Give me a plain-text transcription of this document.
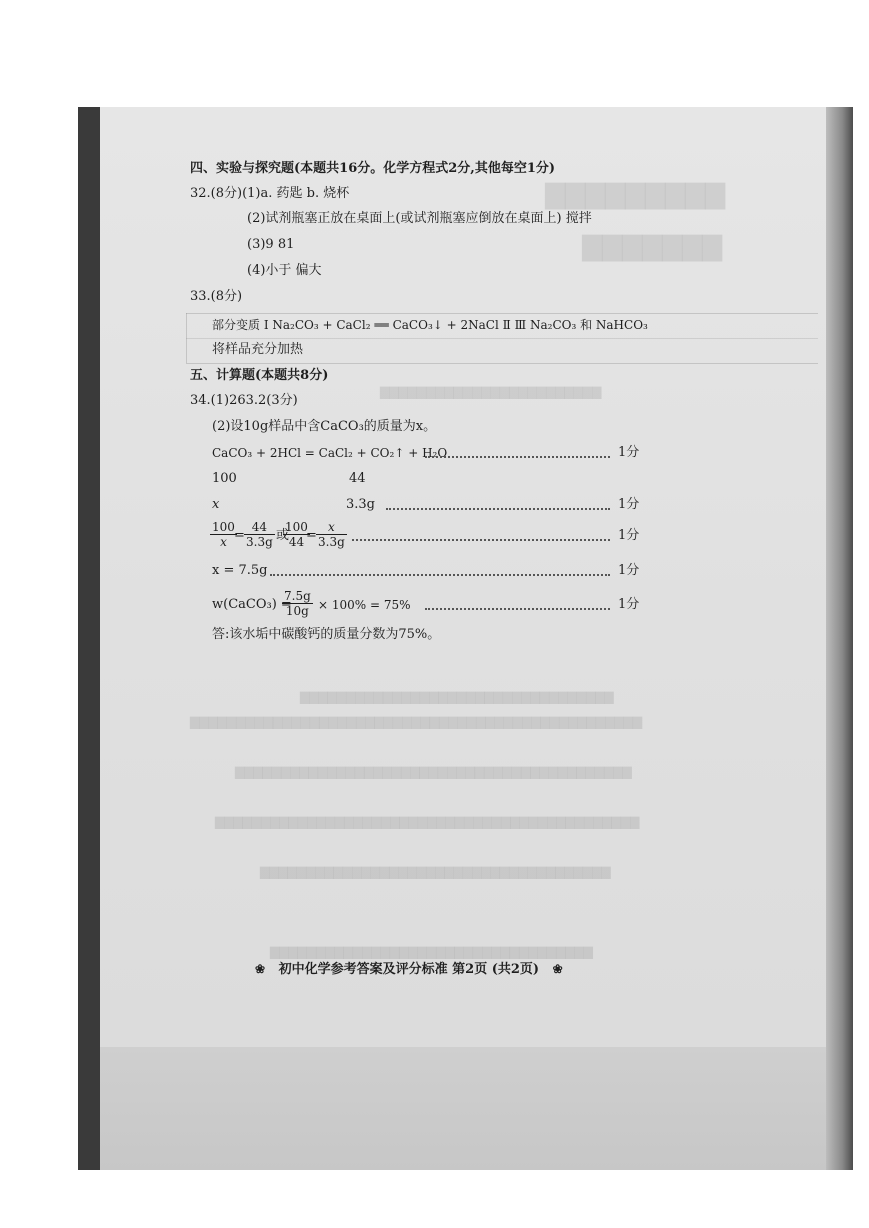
▇▇▇▇▇▇▇▇▇
▇▇▇▇▇▇▇
▇▇▇▇▇▇▇▇▇▇▇▇▇▇▇▇▇▇▇▇▇▇▇▇
▇▇▇▇▇▇▇▇▇▇▇▇▇▇▇▇▇▇▇▇▇▇▇▇▇▇▇▇▇▇▇▇▇▇
▇▇▇▇▇▇▇▇▇▇▇▇▇▇▇▇▇▇▇▇▇▇▇▇▇▇▇▇▇▇▇▇▇▇▇▇▇▇▇▇▇▇▇▇▇▇▇▇▇
▇▇▇▇▇▇▇▇▇▇▇▇▇▇▇▇▇▇▇▇▇▇▇▇▇▇▇▇▇▇▇▇▇▇▇▇▇▇▇▇▇▇▇
▇▇▇▇▇▇▇▇▇▇▇▇▇▇▇▇▇▇▇▇▇▇▇▇▇▇▇▇▇▇▇▇▇▇▇▇▇▇▇▇▇▇▇▇▇▇
▇▇▇▇▇▇▇▇▇▇▇▇▇▇▇▇▇▇▇▇▇▇▇▇▇▇▇▇▇▇▇▇▇▇▇▇▇▇
▇▇▇▇▇▇▇▇▇▇▇▇▇▇▇▇▇▇▇▇▇▇▇▇▇▇▇▇▇▇▇▇▇▇▇
四、实验与探究题(本题共16分。化学方程式2分,其他每空1分)
32.(8分)(1)a. 药匙 b. 烧杯
(2)试剂瓶塞正放在桌面上(或试剂瓶塞应倒放在桌面上) 搅拌
(3)9 81
(4)小于 偏大
33.(8分)
部分变质 Ⅰ Na₂CO₃ + CaCl₂ ══ CaCO₃↓ + 2NaCl Ⅱ Ⅲ Na₂CO₃ 和 NaHCO₃
将样品充分加热
五、计算题(本题共8分)
34.(1)263.2(3分)
(2)设10g样品中含CaCO₃的质量为x。
CaCO₃ + 2HCl = CaCl₂ + CO₂↑ + H₂O	1分
100	44
x	3.3g	1分
$\frac{100}{x}$
= $\frac{44}{3.3g}$ 或
$\frac{100}{44}$
= $\frac{x}{3.3g}$	1分
x = 7.5g	1分
w(CaCO₃) =
$\frac{7.5g}{10g} \times 100\% = 75\%$	1分
答:该水垢中碳酸钙的质量分数为75%。
❀ 初中化学参考答案及评分标准 第2页 (共2页) ❀
